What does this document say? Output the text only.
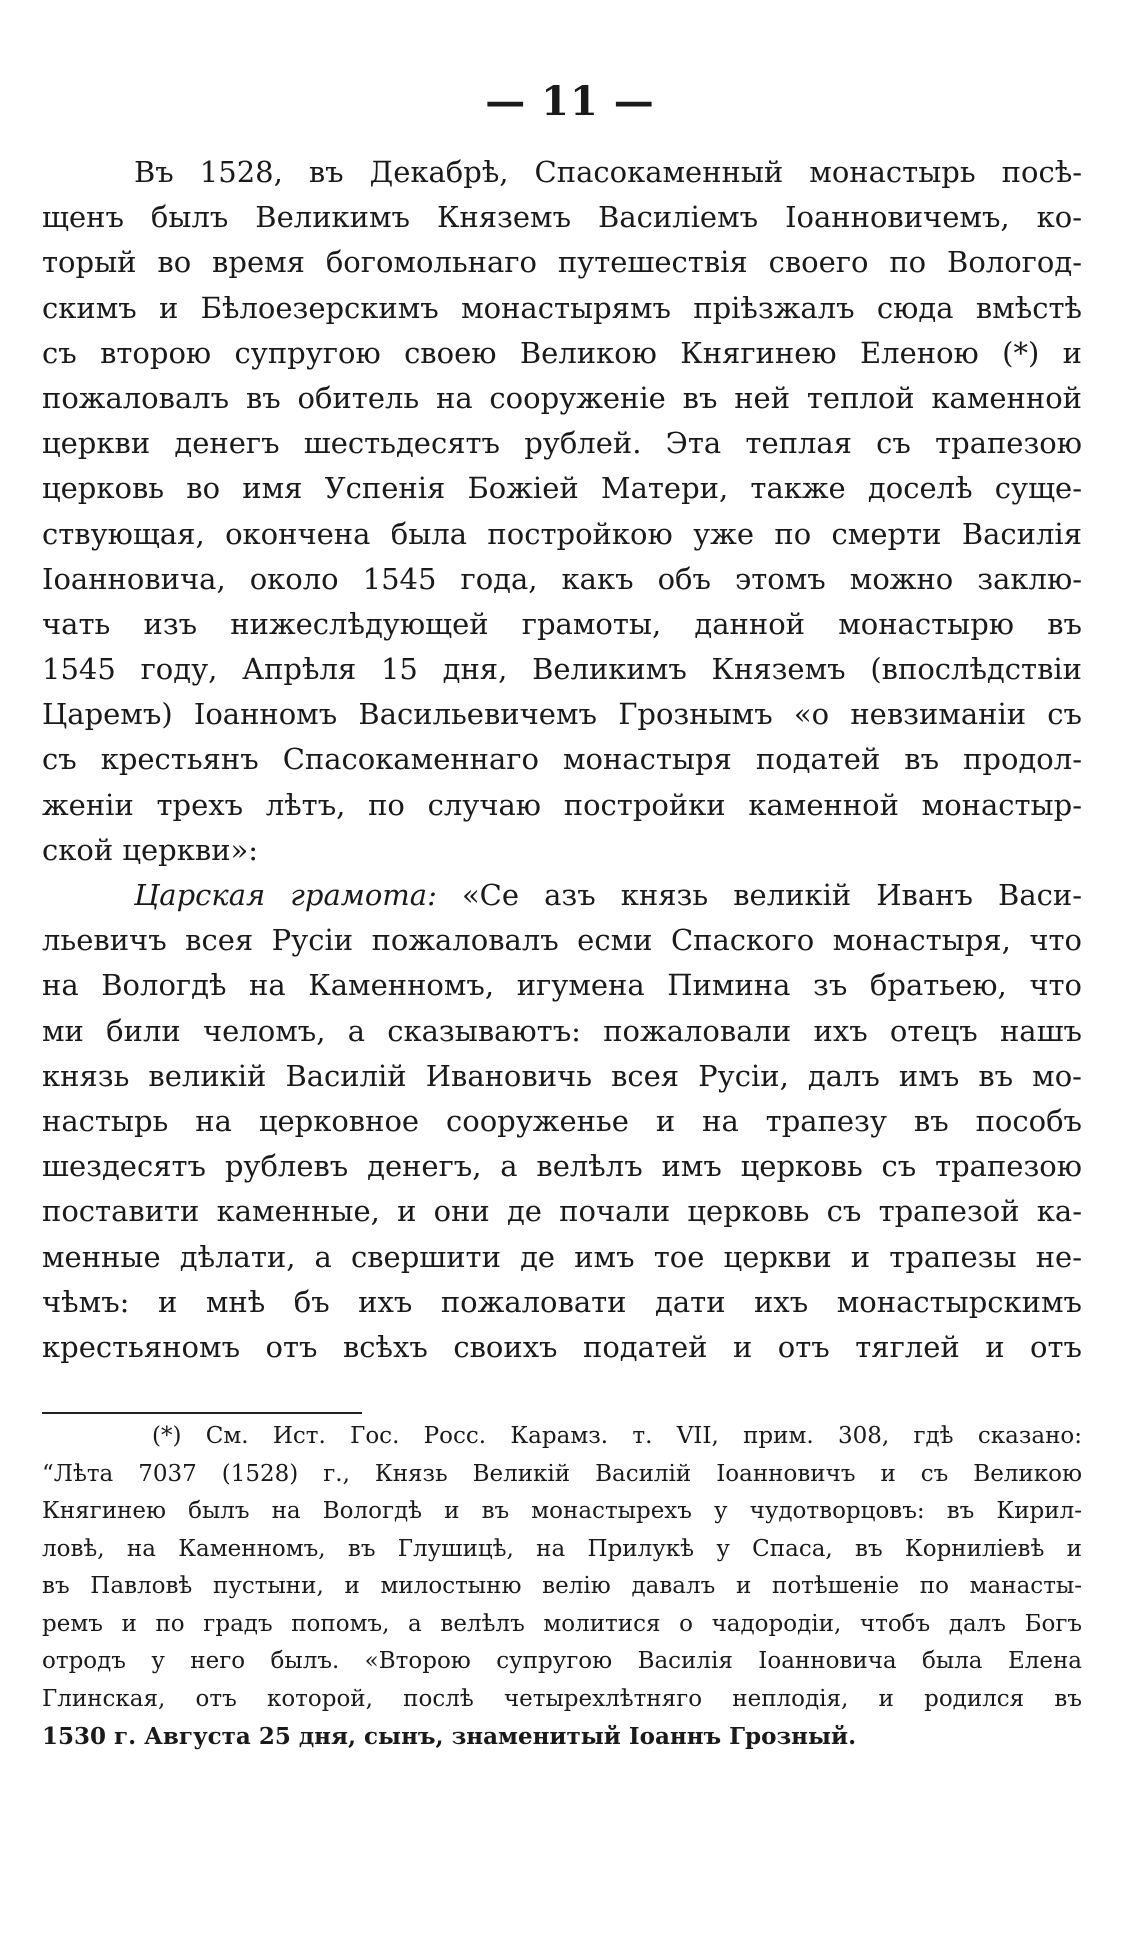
— 11 —
Въ 1528, въ Декабрѣ, Спасокаменный монастырь посѣ-
щенъ былъ Великимъ Княземъ Василіемъ Іоанновичемъ, ко-
торый во время богомольнаго путешествія своего по Вологод-
скимъ и Бѣлоезерскимъ монастырямъ пріѣзжалъ сюда вмѣстѣ
съ второю супругою своею Великою Княгинею Еленою (*) и
пожаловалъ въ обитель на сооруженіе въ ней теплой каменной
церкви денегъ шестьдесятъ рублей. Эта теплая съ трапезою
церковь во имя Успенія Божіей Матери, также доселѣ суще-
ствующая, окончена была постройкою уже по смерти Василія
Іоанновича, около 1545 года, какъ объ этомъ можно заклю-
чать изъ нижеслѣдующей грамоты, данной монастырю въ
1545 году, Апрѣля 15 дня, Великимъ Княземъ (впослѣдствіи
Царемъ) Іоанномъ Васильевичемъ Грознымъ «о невзиманіи съ
съ крестьянъ Спасокаменнаго монастыря податей въ продол-
женіи трехъ лѣтъ, по случаю постройки каменной монастыр-
ской церкви»:
Царская грамота: «Се азъ князь великій Иванъ Васи-
льевичъ всея Русіи пожаловалъ есми Спаского монастыря, что
на Вологдѣ на Каменномъ, игумена Пимина зъ братьею, что
ми били челомъ, а сказываютъ: пожаловали ихъ отецъ нашъ
князь великій Василій Ивановичь всея Русіи, далъ имъ въ мо-
настырь на церковное сооруженье и на трапезу въ пособъ
шездесятъ рублевъ денегъ, а велѣлъ имъ церковь съ трапезою
поставити каменные, и они де почали церковь съ трапезой ка-
менные дѣлати, а свершити де имъ тое церкви и трапезы не-
чѣмъ: и мнѣ бъ ихъ пожаловати дати ихъ монастырскимъ
крестьяномъ отъ всѣхъ своихъ податей и отъ тяглей и отъ
(*) См. Ист. Гос. Росс. Карамз. т. VII, прим. 308, гдѣ сказано:
“Лѣта 7037 (1528) г., Князь Великій Василій Іоанновичъ и съ Великою
Княгинею былъ на Вологдѣ и въ монастырехъ у чудотворцовъ: въ Кирил-
ловѣ, на Каменномъ, въ Глушицѣ, на Прилукѣ у Спаса, въ Корниліевѣ и
въ Павловѣ пустыни, и милостыню велію давалъ и потѣшеніе по манасты-
ремъ и по градъ попомъ, а велѣлъ молитися о чадородіи, чтобъ далъ Богъ
отродъ у него былъ. «Второю супругою Василія Іоанновича была Елена
Глинская, отъ которой, послѣ четырехлѣтняго неплодія, и родился въ
1530 г. Августа 25 дня, сынъ, знаменитый Іоаннъ Грозный.
